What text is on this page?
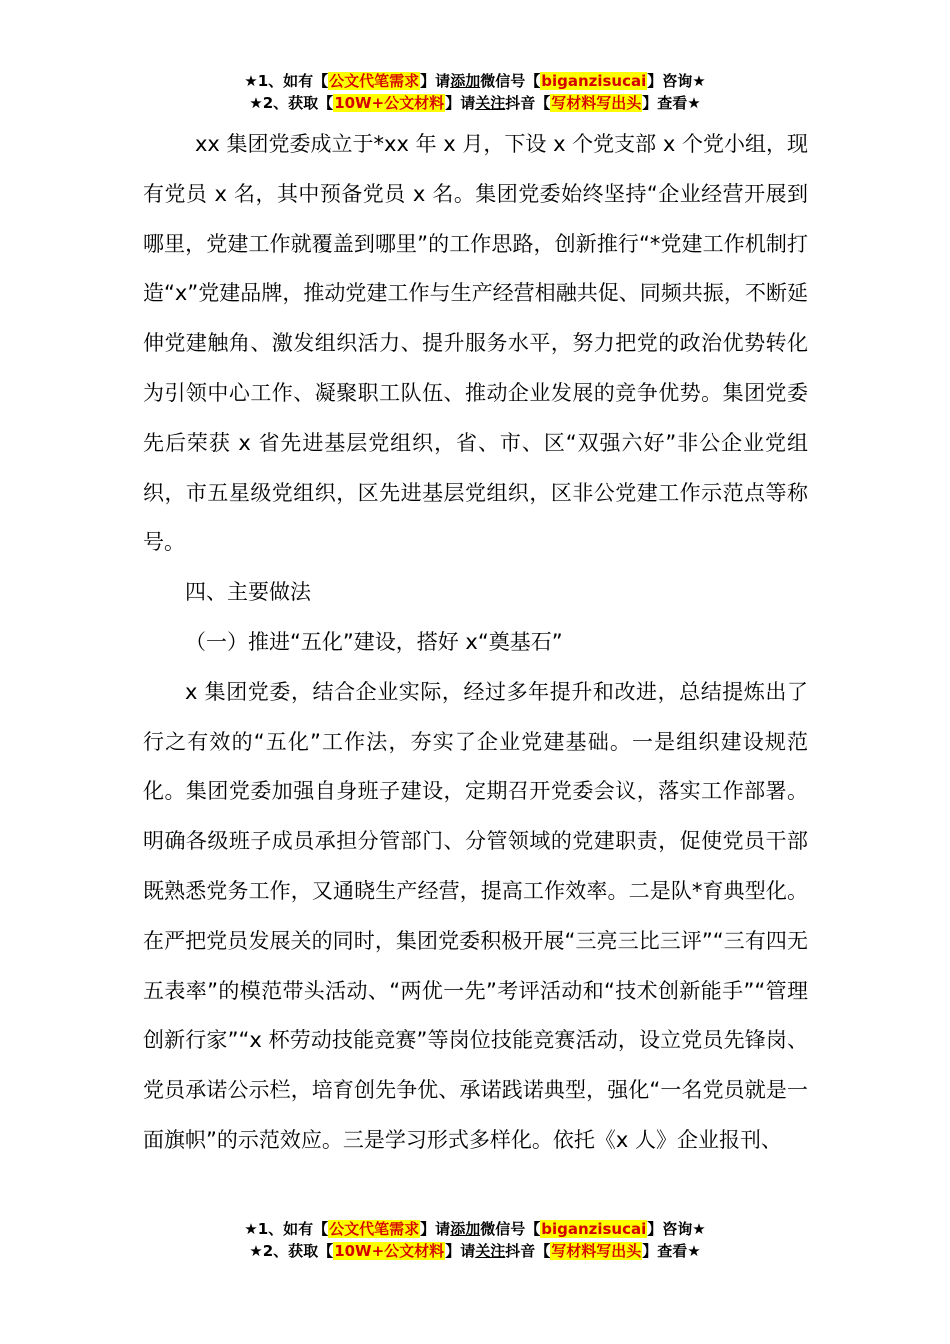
★1、如有【公文代笔需求】请添加微信号【biganzisucai】咨询★
★2、获取【10W+公文材料】请关注抖音【写材料写出头】查看★

xx 集团党委成立于*xx 年 x 月，下设 x 个党支部 x 个党小组，现有党员 x 名，其中预备党员 x 名。集团党委始终坚持“企业经营开展到哪里，党建工作就覆盖到哪里”的工作思路，创新推行“*党建工作机制打造“x”党建品牌，推动党建工作与生产经营相融共促、同频共振，不断延伸党建触角、激发组织活力、提升服务水平，努力把党的政治优势转化为引领中心工作、凝聚职工队伍、推动企业发展的竞争优势。集团党委先后荣获 x 省先进基层党组织，省、市、区“双强六好”非公企业党组织，市五星级党组织，区先进基层党组织，区非公党建工作示范点等称号。

四、主要做法

（一）推进“五化”建设，搭好 x“奠基石”

x 集团党委，结合企业实际，经过多年提升和改进，总结提炼出了行之有效的“五化”工作法，夯实了企业党建基础。一是组织建设规范化。集团党委加强自身班子建设，定期召开党委会议，落实工作部署。明确各级班子成员承担分管部门、分管领域的党建职责，促使党员干部既熟悉党务工作，又通晓生产经营，提高工作效率。二是队*育典型化。在严把党员发展关的同时，集团党委积极开展“三亮三比三评”“三有四无五表率”的模范带头活动、“两优一先”考评活动和“技术创新能手”“管理创新行家”“x 杯劳动技能竞赛”等岗位技能竞赛活动，设立党员先锋岗、党员承诺公示栏，培育创先争优、承诺践诺典型，强化“一名党员就是一面旗帜”的示范效应。三是学习形式多样化。依托《x 人》企业报刊、

★1、如有【公文代笔需求】请添加微信号【biganzisucai】咨询★
★2、获取【10W+公文材料】请关注抖音【写材料写出头】查看★
